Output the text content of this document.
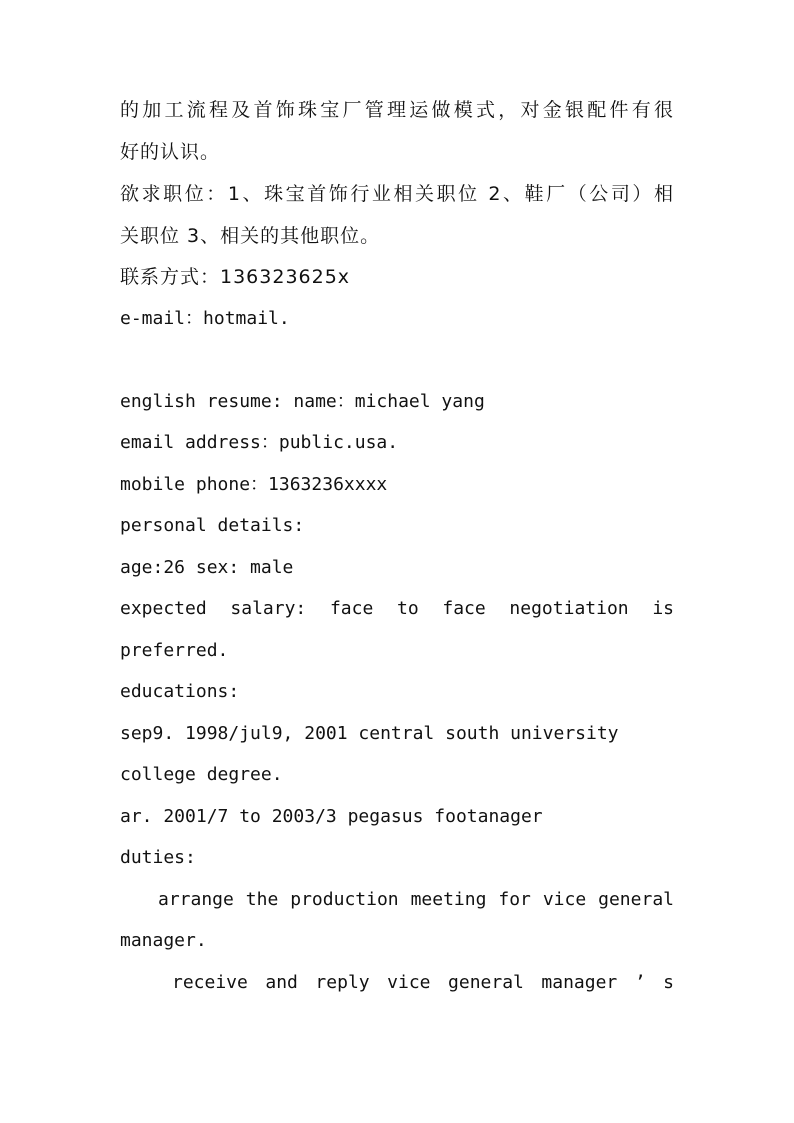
的加工流程及首饰珠宝厂管理运做模式，对金银配件有很
好的认识。
欲求职位：1、珠宝首饰行业相关职位 2、鞋厂（公司）相
关职位 3、相关的其他职位。
联系方式：136323625x
e-mail：hotmail.
english resume: name：michael yang
email address：public.usa.
mobile phone：1363236xxxx
personal details:
age:26 sex: male
expected salary: face to face negotiation is
preferred.
educations:
sep9. 1998/jul9, 2001 central south university
college degree.
ar. 2001/7 to 2003/3 pegasus footanager
duties:
arrange the production meeting for vice general
manager.
receive and reply vice general manager ’ s
